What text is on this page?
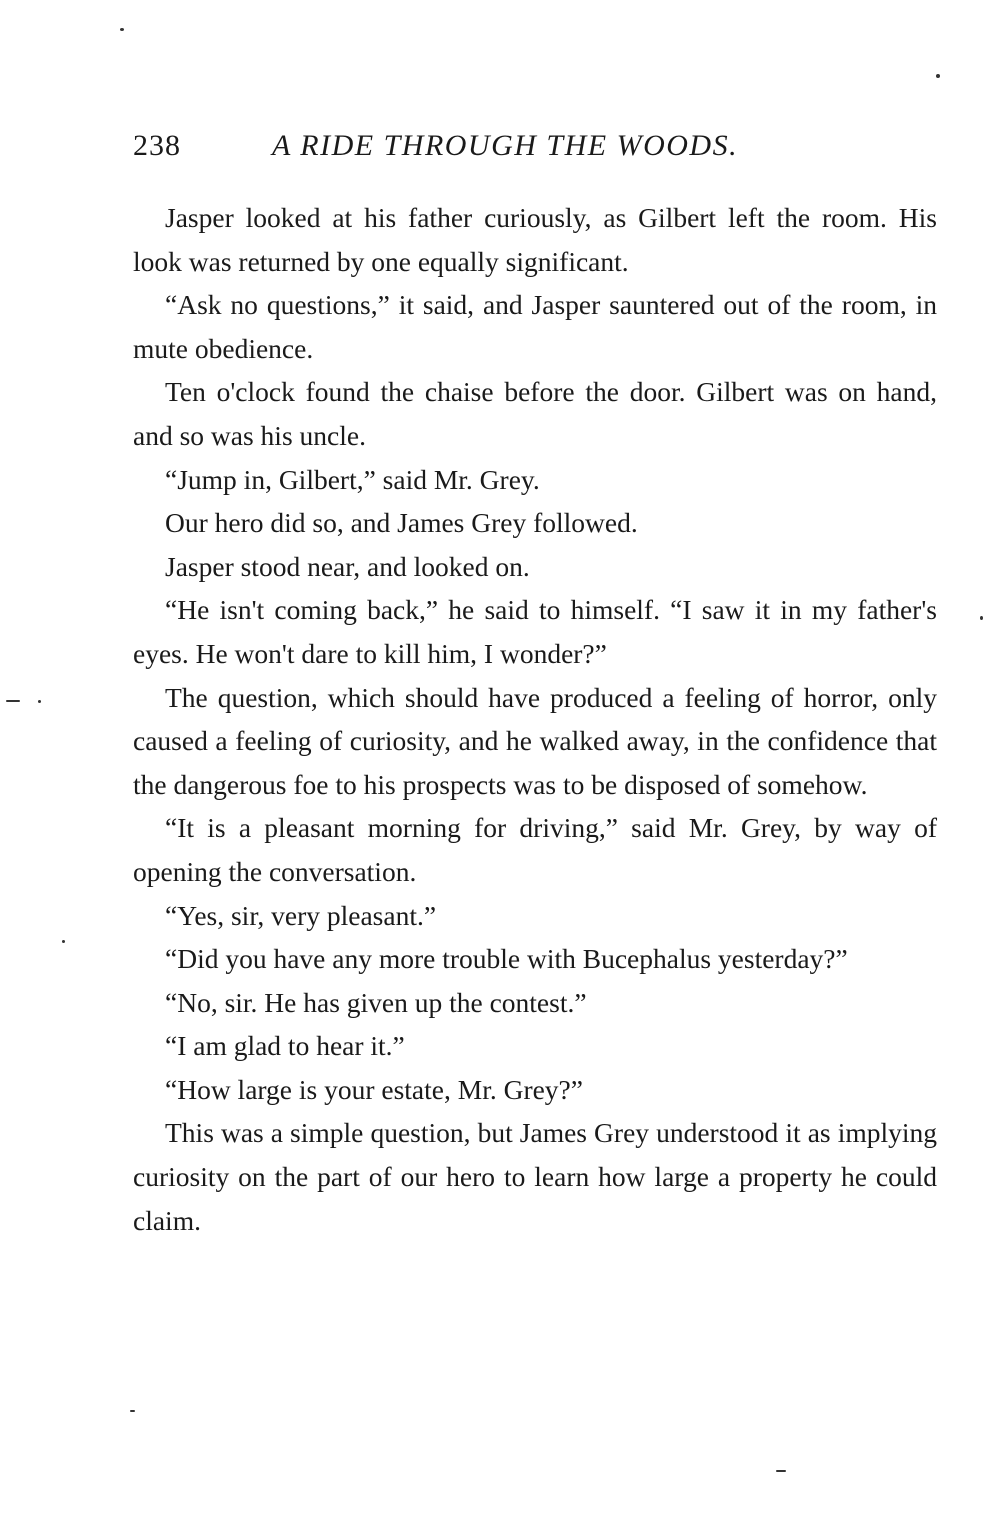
238	A RIDE THROUGH THE WOODS.

Jasper looked at his father curiously, as Gilbert left the room. His look was returned by one equally significant.

“Ask no questions,” it said, and Jasper sauntered out of the room, in mute obedience.

Ten o'clock found the chaise before the door. Gilbert was on hand, and so was his uncle.

“Jump in, Gilbert,” said Mr. Grey.

Our hero did so, and James Grey followed.

Jasper stood near, and looked on.

“He isn't coming back,” he said to himself. “I saw it in my father's eyes. He won't dare to kill him, I wonder?”

The question, which should have produced a feeling of horror, only caused a feeling of curiosity, and he walked away, in the confidence that the dangerous foe to his prospects was to be disposed of somehow.

“It is a pleasant morning for driving,” said Mr. Grey, by way of opening the conversation.

“Yes, sir, very pleasant.”

“Did you have any more trouble with Bucephalus yesterday?”

“No, sir. He has given up the contest.”

“I am glad to hear it.”

“How large is your estate, Mr. Grey?”

This was a simple question, but James Grey understood it as implying curiosity on the part of our hero to learn how large a property he could claim.
